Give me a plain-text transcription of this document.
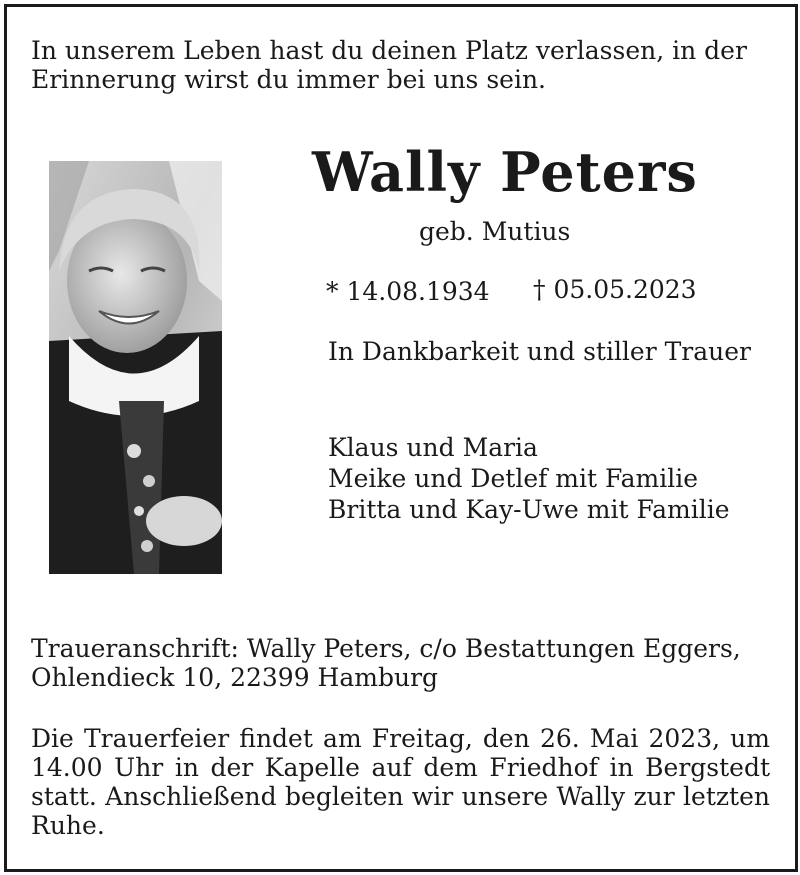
In unserem Leben hast du deinen Platz verlassen, in der
Erinnerung wirst du immer bei uns sein.
Wally Peters
geb. Mutius
* 14.08.1934 † 05.05.2023
In Dankbarkeit und stiller Trauer
Klaus und Maria
Meike und Detlef mit Familie
Britta und Kay-Uwe mit Familie
Traueranschrift: Wally Peters, c/o Bestattungen Eggers,
Ohlendieck 10, 22399 Hamburg
Die Trauerfeier findet am Freitag, den 26. Mai 2023, um 14.00 Uhr in der Kapelle auf dem Friedhof in Bergstedt statt. Anschließend begleiten wir unsere Wally zur letzten Ruhe.
